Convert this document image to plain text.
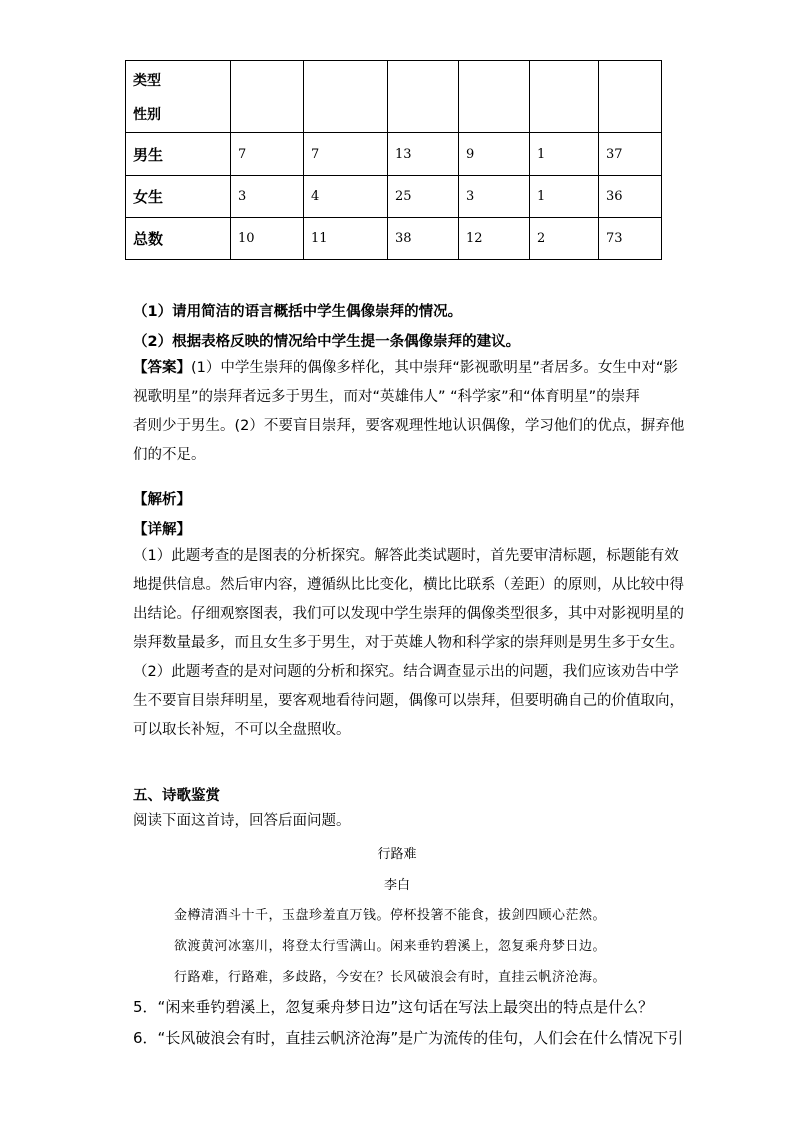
类型
性别						

男生	7	7	13	9	1	37
女生	3	4	25	3	1	36
总数	10	11	38	12	2	73
（1）请用简洁的语言概括中学生偶像崇拜的情况。
（2）根据表格反映的情况给中学生提一条偶像崇拜的建议。
【答案】(1）中学生崇拜的偶像多样化，其中崇拜“影视歌明星”者居多。女生中对“影
视歌明星”的崇拜者远多于男生，而对“英雄伟人” “科学家”和“体育明星”的崇拜
者则少于男生。(2）不要盲目崇拜，要客观理性地认识偶像，学习他们的优点，摒弃他
们的不足。
【解析】
【详解】
（1）此题考查的是图表的分析探究。解答此类试题时，首先要审清标题，标题能有效
地提供信息。然后审内容，遵循纵比比变化，横比比联系（差距）的原则，从比较中得
出结论。仔细观察图表，我们可以发现中学生崇拜的偶像类型很多，其中对影视明星的
崇拜数量最多，而且女生多于男生，对于英雄人物和科学家的崇拜则是男生多于女生。
（2）此题考查的是对问题的分析和探究。结合调查显示出的问题，我们应该劝告中学
生不要盲目崇拜明星，要客观地看待问题，偶像可以崇拜，但要明确自己的价值取向，
可以取长补短，不可以全盘照收。
五、诗歌鉴赏
阅读下面这首诗，回答后面问题。
行路难
李白
金樽清酒斗十千，玉盘珍羞直万钱。停杯投箸不能食，拔剑四顾心茫然。
欲渡黄河冰塞川，将登太行雪满山。闲来垂钓碧溪上，忽复乘舟梦日边。
行路难，行路难，多歧路，今安在？长风破浪会有时，直挂云帆济沧海。
5．“闲来垂钓碧溪上，忽复乘舟梦日边”这句话在写法上最突出的特点是什么？
6．“长风破浪会有时，直挂云帆济沧海”是广为流传的佳句，人们会在什么情况下引
